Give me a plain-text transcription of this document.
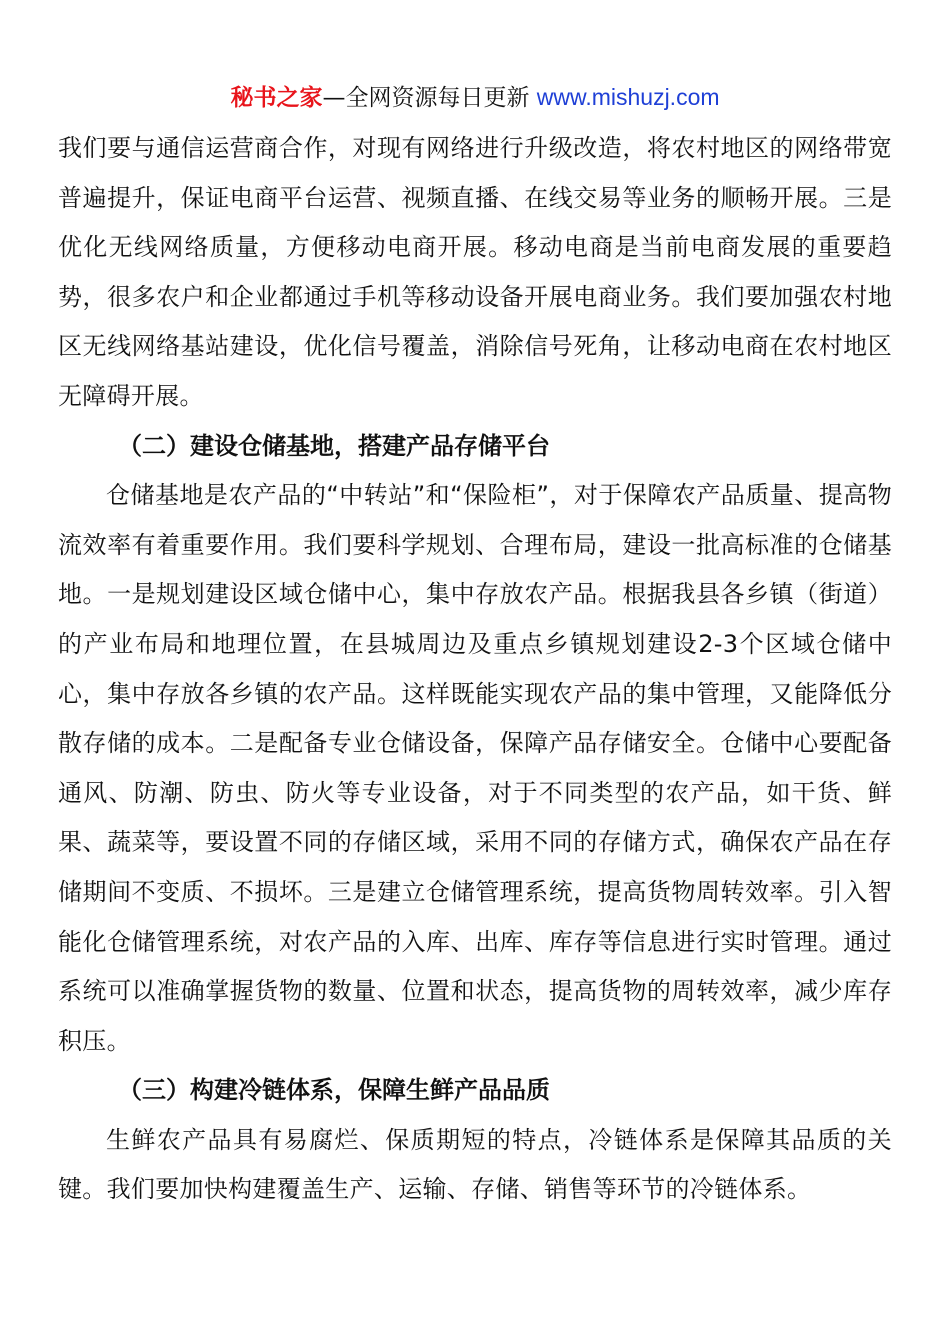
秘书之家—全网资源每日更新 www.mishuzj.com

我们要与通信运营商合作，对现有网络进行升级改造，将农村地区的网络带宽普遍提升，保证电商平台运营、视频直播、在线交易等业务的顺畅开展。三是优化无线网络质量，方便移动电商开展。移动电商是当前电商发展的重要趋势，很多农户和企业都通过手机等移动设备开展电商业务。我们要加强农村地区无线网络基站建设，优化信号覆盖，消除信号死角，让移动电商在农村地区无障碍开展。

（二）建设仓储基地，搭建产品存储平台

仓储基地是农产品的“中转站”和“保险柜”，对于保障农产品质量、提高物流效率有着重要作用。我们要科学规划、合理布局，建设一批高标准的仓储基地。一是规划建设区域仓储中心，集中存放农产品。根据我县各乡镇（街道）的产业布局和地理位置，在县城周边及重点乡镇规划建设2-3个区域仓储中心，集中存放各乡镇的农产品。这样既能实现农产品的集中管理，又能降低分散存储的成本。二是配备专业仓储设备，保障产品存储安全。仓储中心要配备通风、防潮、防虫、防火等专业设备，对于不同类型的农产品，如干货、鲜果、蔬菜等，要设置不同的存储区域，采用不同的存储方式，确保农产品在存储期间不变质、不损坏。三是建立仓储管理系统，提高货物周转效率。引入智能化仓储管理系统，对农产品的入库、出库、库存等信息进行实时管理。通过系统可以准确掌握货物的数量、位置和状态，提高货物的周转效率，减少库存积压。

（三）构建冷链体系，保障生鲜产品品质

生鲜农产品具有易腐烂、保质期短的特点，冷链体系是保障其品质的关键。我们要加快构建覆盖生产、运输、存储、销售等环节的冷链体系。
